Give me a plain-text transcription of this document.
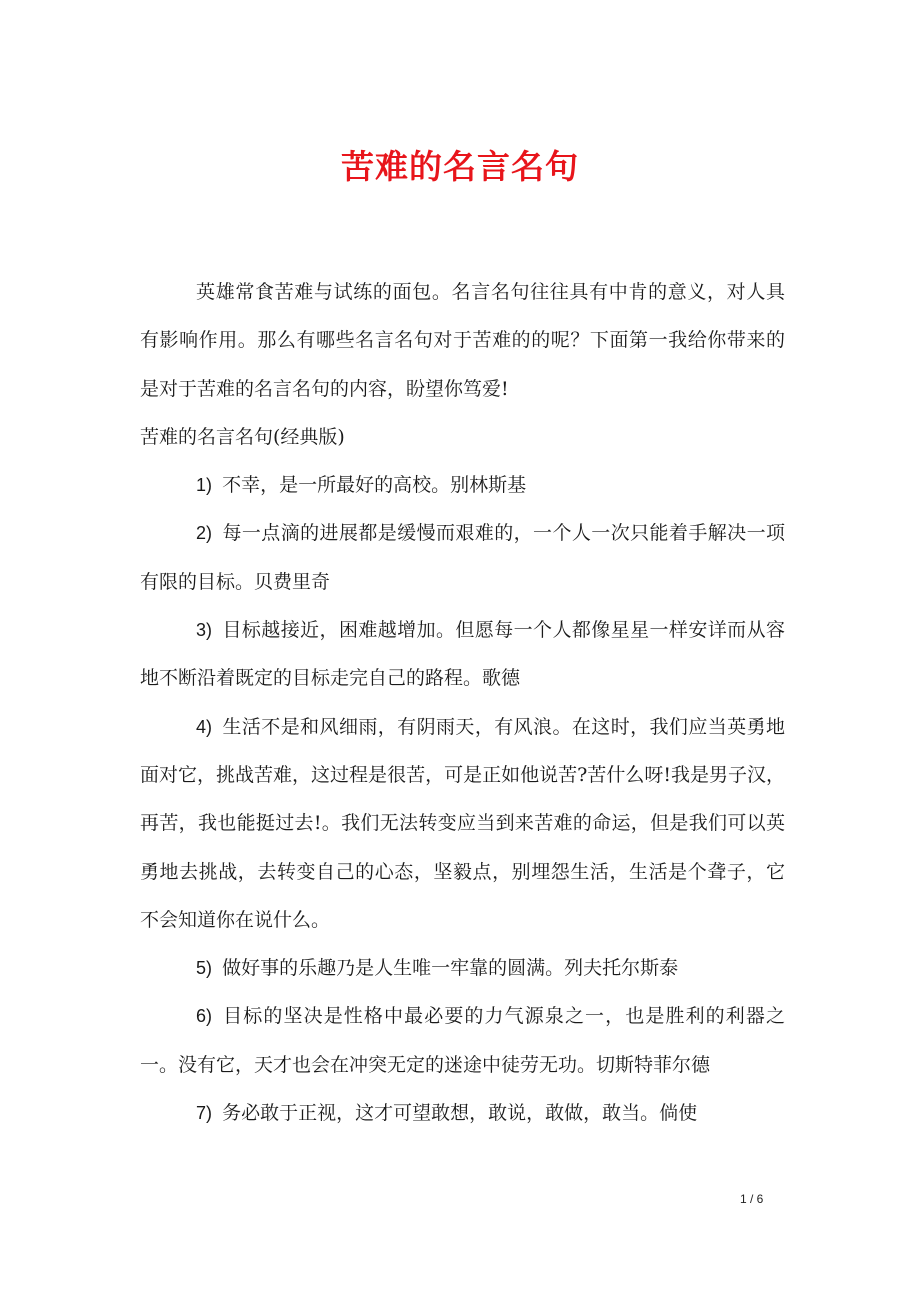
苦难的名言名句

英雄常食苦难与试练的面包。名言名句往往具有中肯的意义，对人具有影响作用。那么有哪些名言名句对于苦难的的呢？下面第一我给你带来的是对于苦难的名言名句的内容，盼望你笃爱!

苦难的名言名句(经典版)

1) 不幸，是一所最好的高校。别林斯基

2) 每一点滴的进展都是缓慢而艰难的，一个人一次只能着手解决一项有限的目标。贝费里奇

3) 目标越接近，困难越增加。但愿每一个人都像星星一样安详而从容地不断沿着既定的目标走完自己的路程。歌德

4) 生活不是和风细雨，有阴雨天，有风浪。在这时，我们应当英勇地面对它，挑战苦难，这过程是很苦，可是正如他说苦?苦什么呀!我是男子汉，再苦，我也能挺过去!。我们无法转变应当到来苦难的命运，但是我们可以英勇地去挑战，去转变自己的心态，坚毅点，别埋怨生活，生活是个聋子，它不会知道你在说什么。

5) 做好事的乐趣乃是人生唯一牢靠的圆满。列夫托尔斯泰

6) 目标的坚决是性格中最必要的力气源泉之一，也是胜利的利器之一。没有它，天才也会在冲突无定的迷途中徒劳无功。切斯特菲尔德

7) 务必敢于正视，这才可望敢想，敢说，敢做，敢当。倘使

1 / 6
